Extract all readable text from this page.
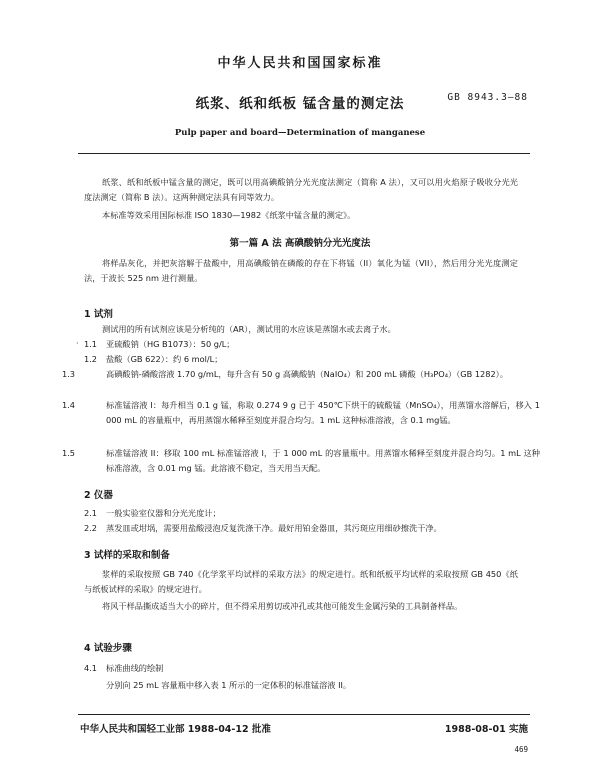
中华人民共和国国家标准
GB 8943.3—88
纸浆、纸和纸板 锰含量的测定法
Pulp paper and board—Determination of manganese
纸浆、纸和纸板中锰含量的测定，既可以用高碘酸钠分光光度法测定（简称 A 法），又可以用火焰原子吸收分光光度法测定（简称 B 法）。这两种测定法具有同等效力。
本标准等效采用国际标准 ISO 1830—1982《纸浆中锰含量的测定》。
第一篇 A 法 高碘酸钠分光光度法
将样品灰化，并把灰溶解于盐酸中，用高碘酸钠在磷酸的存在下将锰（II）氧化为锰（VII），然后用分光光度测定法，于波长 525 nm 进行测量。
1 试剂
测试用的所有试剂应该是分析纯的（AR），测试用的水应该是蒸馏水或去离子水。
· 1.1 亚硫酸钠（HG B1073）：50 g/L；
1.2 盐酸（GB 622）：约 6 mol/L；
1.3	高碘酸钠-磷酸溶液 1.70 g/mL，每升含有 50 g 高碘酸钠（NaIO₄）和 200 mL 磷酸（H₃PO₄）（GB 1282）。
1.4	标准锰溶液 I：每升相当 0.1 g 锰，称取 0.274 9 g 已于 450℃下烘干的硫酸锰（MnSO₄），用蒸馏水溶解后，移入 1 000 mL 的容量瓶中，再用蒸馏水稀释至刻度并混合均匀。1 mL 这种标准溶液，含 0.1 mg锰。
1.5	标准锰溶液 II：移取 100 mL 标准锰溶液 I，于 1 000 mL 的容量瓶中。用蒸馏水稀释至刻度并混合均匀。1 mL 这种标准溶液，含 0.01 mg 锰。此溶液不稳定，当天用当天配。
2 仪器
2.1 一般实验室仪器和分光光度计；
2.2 蒸发皿或坩埚，需要用盐酸浸泡反复洗涤干净。最好用铂金器皿，其污斑应用细砂擦洗干净。
3 试样的采取和制备
浆样的采取按照 GB 740《化学浆平均试样的采取方法》的规定进行。纸和纸板平均试样的采取按照 GB 450《纸与纸板试样的采取》的规定进行。
将风干样品撕成适当大小的碎片，但不得采用剪切或冲孔或其他可能发生金属污染的工具制备样品。
4 试验步骤
4.1 标准曲线的绘制
分别向 25 mL 容量瓶中移入表 1 所示的一定体积的标准锰溶液 II。
中华人民共和国轻工业部 1988-04-12 批准	1988-08-01 实施
469
